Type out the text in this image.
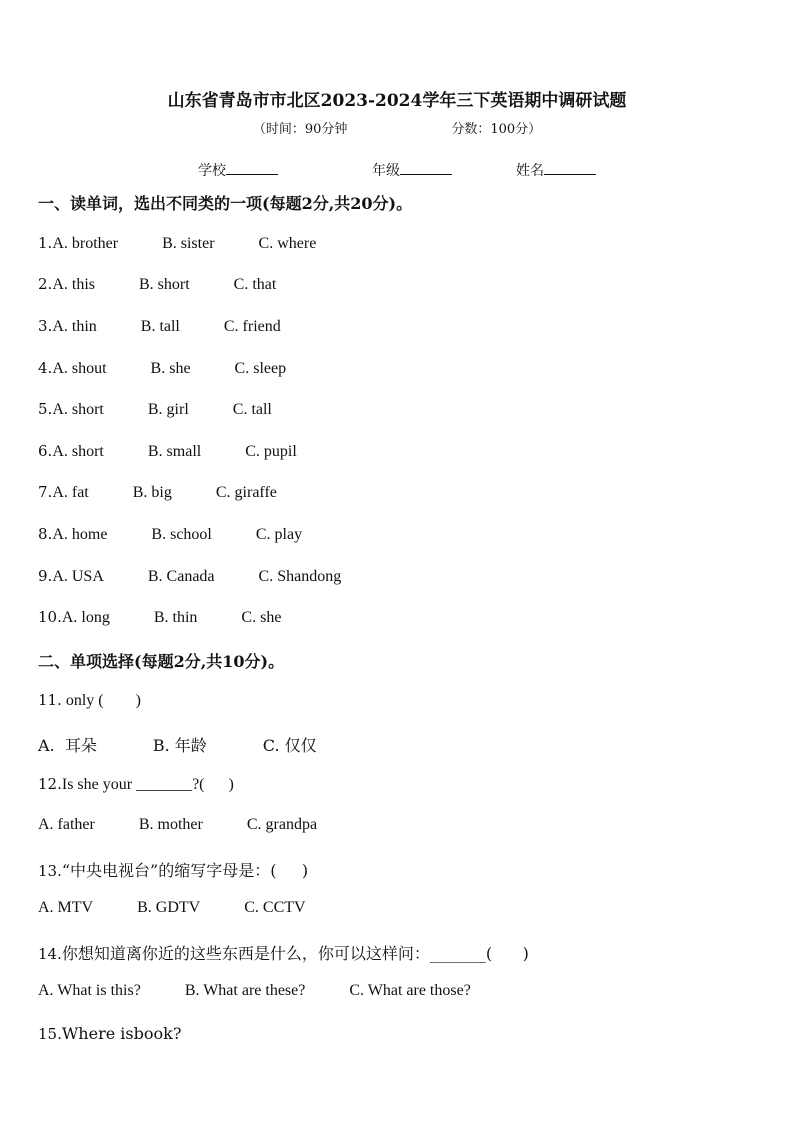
山东省青岛市市北区2023-2024学年三下英语期中调研试题
（时间：90分钟	分数：100分）
学校	年级	姓名
一、读单词，选出不同类的一项(每题2分,共20分)。
1.A. brother	B. sister	C. where
2.A. this	B. short	C. that
3.A. thin	B. tall	C. friend
4.A. shout	B. she	C. sleep
5.A. short	B. girl	C. tall
6.A. short	B. small	C. pupil
7.A. fat	B. big	C. giraffe
8.A. home	B. school	C. play
9.A. USA	B. Canada	C. Shandong
10.A. long	B. thin	C. she
二、单项选择(每题2分,共10分)。
11. only (        )
A.  耳朵	B. 年龄	C. 仅仅
12.Is she your _______?(      )
A. father	B. mother	C. grandpa
13.“中央电视台”的缩写字母是：(     )
A. MTV	B. GDTV	C. CCTV
14.你想知道离你近的这些东西是什么，你可以这样问：_______(      )
A. What is this?	B. What are these?	C. What are those?
15.Where isbook?
